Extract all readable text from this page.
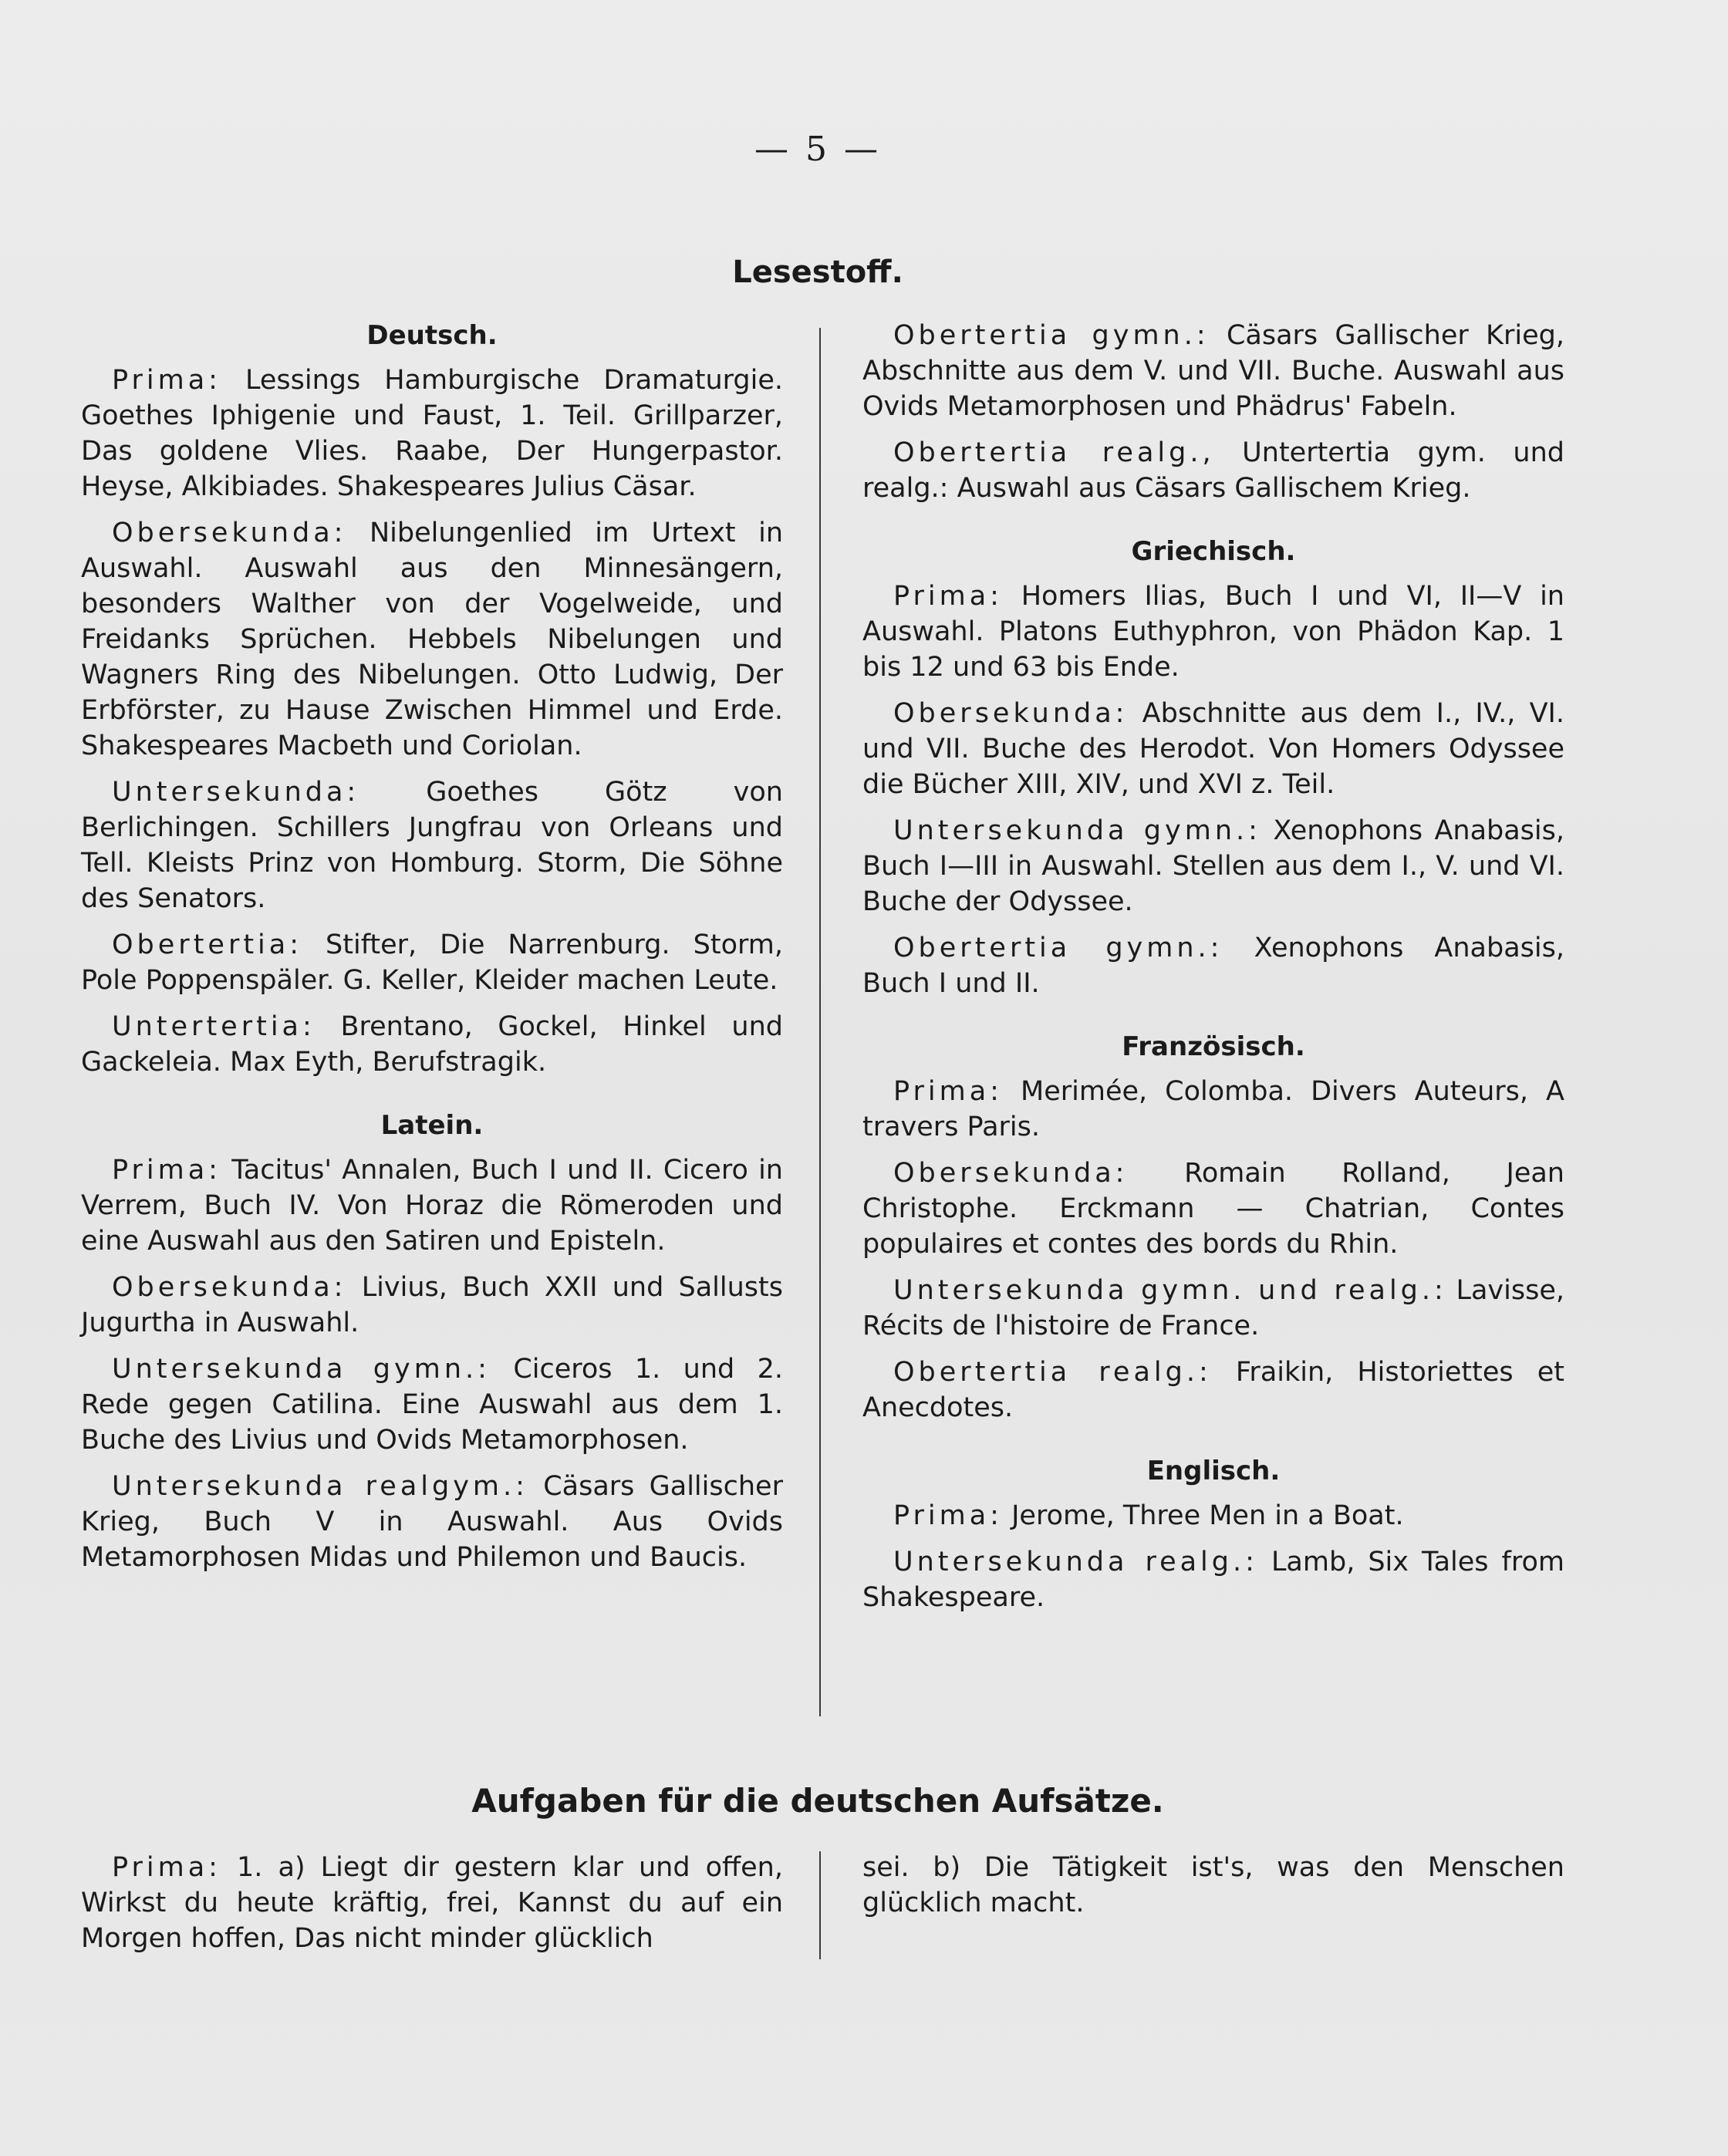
— 5 —
Lesestoff.
Deutsch.

Prima: Lessings Hamburgische Dramaturgie. Goethes Iphigenie und Faust, 1. Teil. Grillparzer, Das goldene Vlies. Raabe, Der Hungerpastor. Heyse, Alkibiades. Shakespeares Julius Cäsar.

Obersekunda: Nibelungenlied im Urtext in Auswahl. Auswahl aus den Minnesängern, besonders Walther von der Vogelweide, und Freidanks Sprüchen. Hebbels Nibelungen und Wagners Ring des Nibelungen. Otto Ludwig, Der Erbförster, zu Hause Zwischen Himmel und Erde. Shakespeares Macbeth und Coriolan.

Untersekunda: Goethes Götz von Berlichingen. Schillers Jungfrau von Orleans und Tell. Kleists Prinz von Homburg. Storm, Die Söhne des Senators.

Obertertia: Stifter, Die Narrenburg. Storm, Pole Poppenspäler. G. Keller, Kleider machen Leute.

Untertertia: Brentano, Gockel, Hinkel und Gackeleia. Max Eyth, Berufstragik.

Latein.

Prima: Tacitus' Annalen, Buch I und II. Cicero in Verrem, Buch IV. Von Horaz die Römeroden und eine Auswahl aus den Satiren und Episteln.

Obersekunda: Livius, Buch XXII und Sallusts Jugurtha in Auswahl.

Untersekunda gymn.: Ciceros 1. und 2. Rede gegen Catilina. Eine Auswahl aus dem 1. Buche des Livius und Ovids Metamorphosen.

Untersekunda realgym.: Cäsars Gallischer Krieg, Buch V in Auswahl. Aus Ovids Metamorphosen Midas und Philemon und Baucis.

Obertertia gymn.: Cäsars Gallischer Krieg, Abschnitte aus dem V. und VII. Buche. Auswahl aus Ovids Metamorphosen und Phädrus' Fabeln.

Obertertia realg., Untertertia gym. und realg.: Auswahl aus Cäsars Gallischem Krieg.

Griechisch.

Prima: Homers Ilias, Buch I und VI, II—V in Auswahl. Platons Euthyphron, von Phädon Kap. 1 bis 12 und 63 bis Ende.

Obersekunda: Abschnitte aus dem I., IV., VI. und VII. Buche des Herodot. Von Homers Odyssee die Bücher XIII, XIV, und XVI z. Teil.

Untersekunda gymn.: Xenophons Anabasis, Buch I—III in Auswahl. Stellen aus dem I., V. und VI. Buche der Odyssee.

Obertertia gymn.: Xenophons Anabasis, Buch I und II.

Französisch.

Prima: Merimée, Colomba. Divers Auteurs, A travers Paris.

Obersekunda: Romain Rolland, Jean Christophe. Erckmann — Chatrian, Contes populaires et contes des bords du Rhin.

Untersekunda gymn. und realg.: Lavisse, Récits de l'histoire de France.

Obertertia realg.: Fraikin, Historiettes et Anecdotes.

Englisch.

Prima: Jerome, Three Men in a Boat.

Untersekunda realg.: Lamb, Six Tales from Shakespeare.

Aufgaben für die deutschen Aufsätze.

Prima: 1. a) Liegt dir gestern klar und offen, Wirkst du heute kräftig, frei, Kannst du auf ein Morgen hoffen, Das nicht minder glücklich

sei. b) Die Tätigkeit ist's, was den Menschen glücklich macht.
